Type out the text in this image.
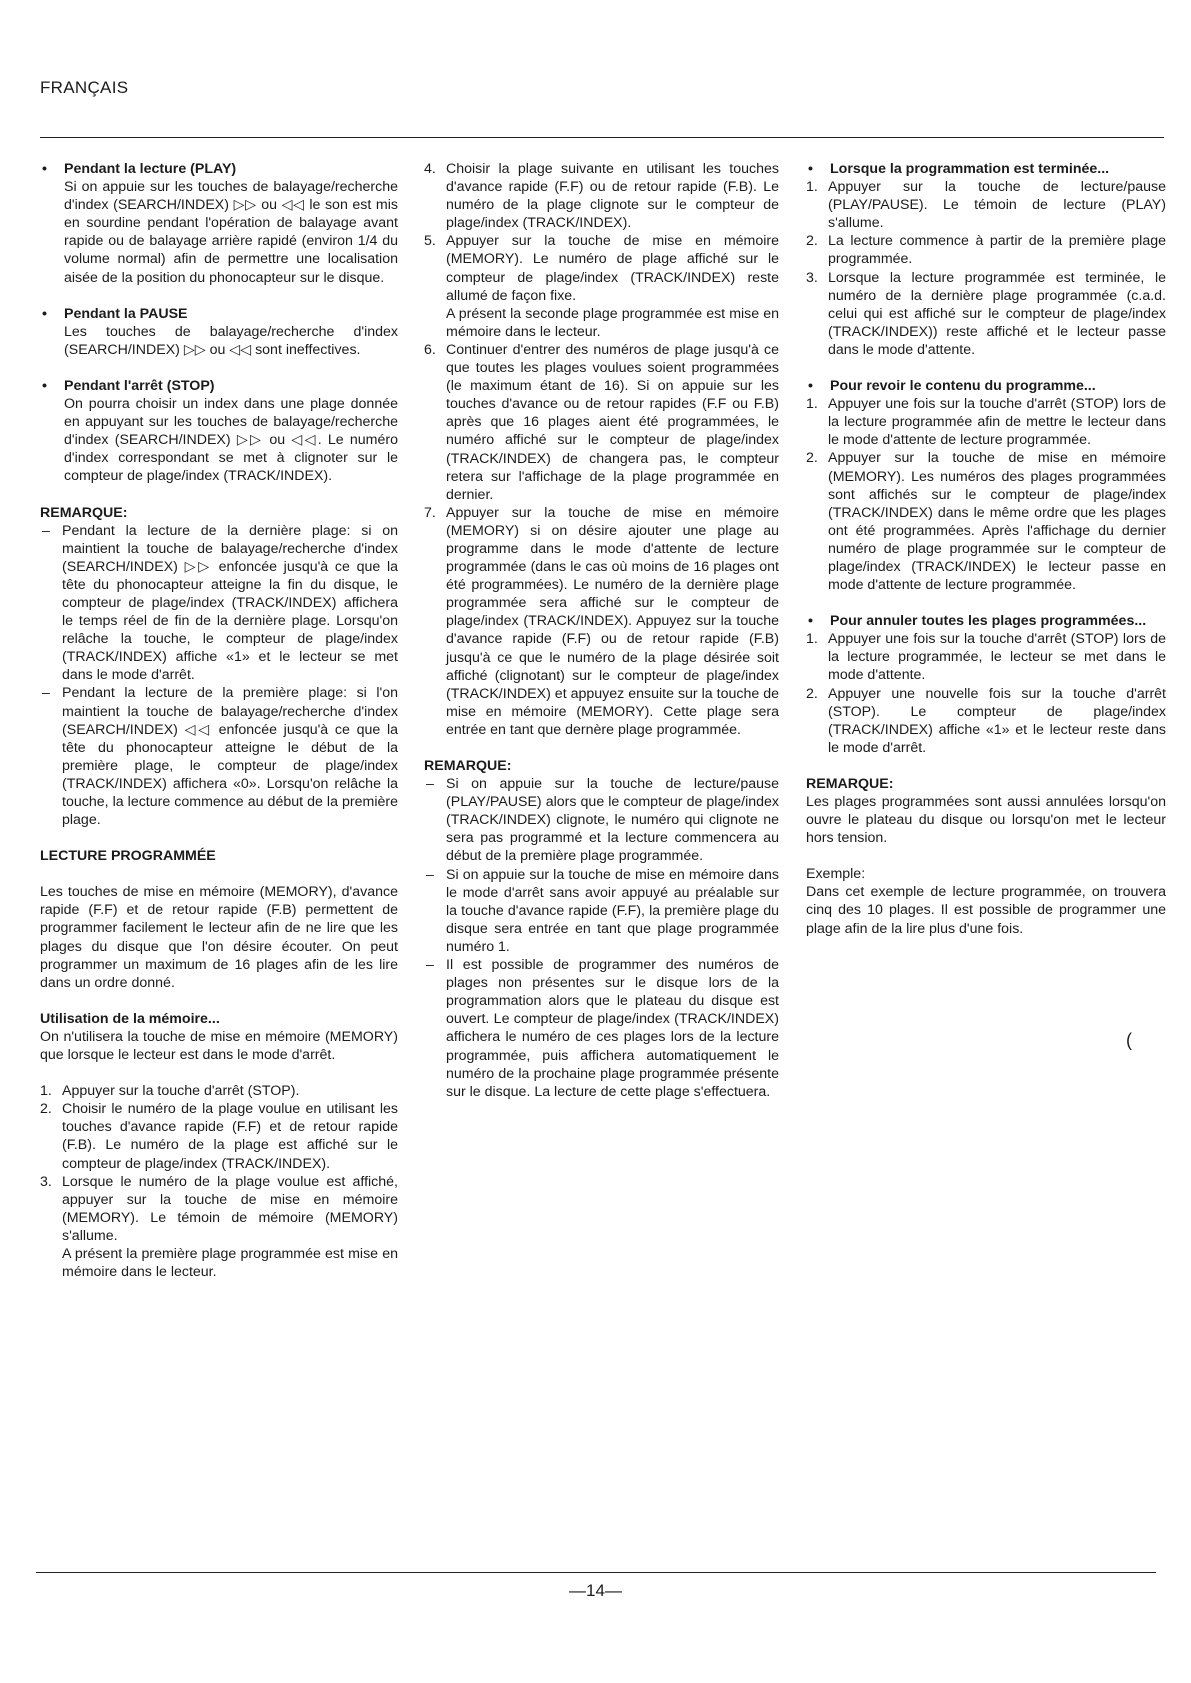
FRANÇAIS
• Pendant la lecture (PLAY)
Si on appuie sur les touches de balayage/recherche d'index (SEARCH/INDEX) ▷▷ ou ◁◁ le son est mis en sourdine pendant l'opération de balayage avant rapide ou de balayage arrière rapidé (environ 1/4 du volume normal) afin de permettre une localisation aisée de la position du phonocapteur sur le disque.
• Pendant la PAUSE
Les touches de balayage/recherche d'index (SEARCH/INDEX) ▷▷ ou ◁◁ sont ineffectives.
• Pendant l'arrêt (STOP)
On pourra choisir un index dans une plage donnée en appuyant sur les touches de balayage/recherche d'index (SEARCH/INDEX) ▷▷ ou ◁◁. Le numéro d'index correspondant se met à clignoter sur le compteur de plage/index (TRACK/INDEX).
REMARQUE:
– Pendant la lecture de la dernière plage: si on maintient la touche de balayage/recherche d'index (SEARCH/INDEX) ▷▷ enfoncée jusqu'à ce que la tête du phonocapteur atteigne la fin du disque, le compteur de plage/index (TRACK/INDEX) affichera le temps réel de fin de la dernière plage. Lorsqu'on relâche la touche, le compteur de plage/index (TRACK/INDEX) affiche «1» et le lecteur se met dans le mode d'arrêt.
– Pendant la lecture de la première plage: si l'on maintient la touche de balayage/recherche d'index (SEARCH/INDEX) ◁◁ enfoncée jusqu'à ce que la tête du phonocapteur atteigne le début de la première plage, le compteur de plage/index (TRACK/INDEX) affichera «0». Lorsqu'on relâche la touche, la lecture commence au début de la première plage.
LECTURE PROGRAMMÉE
Les touches de mise en mémoire (MEMORY), d'avance rapide (F.F) et de retour rapide (F.B) permettent de programmer facilement le lecteur afin de ne lire que les plages du disque que l'on désire écouter. On peut programmer un maximum de 16 plages afin de les lire dans un ordre donné.
Utilisation de la mémoire...
On n'utilisera la touche de mise en mémoire (MEMORY) que lorsque le lecteur est dans le mode d'arrêt.
1. Appuyer sur la touche d'arrêt (STOP).
2. Choisir le numéro de la plage voulue en utilisant les touches d'avance rapide (F.F) et de retour rapide (F.B). Le numéro de la plage est affiché sur le compteur de plage/index (TRACK/INDEX).
3. Lorsque le numéro de la plage voulue est affiché, appuyer sur la touche de mise en mémoire (MEMORY). Le témoin de mémoire (MEMORY) s'allume.
A présent la première plage programmée est mise en mémoire dans le lecteur.
4. Choisir la plage suivante en utilisant les touches d'avance rapide (F.F) ou de retour rapide (F.B). Le numéro de la plage clignote sur le compteur de plage/index (TRACK/INDEX).
5. Appuyer sur la touche de mise en mémoire (MEMORY). Le numéro de plage affiché sur le compteur de plage/index (TRACK/INDEX) reste allumé de façon fixe.
A présent la seconde plage programmée est mise en mémoire dans le lecteur.
6. Continuer d'entrer des numéros de plage jusqu'à ce que toutes les plages voulues soient programmées (le maximum étant de 16). Si on appuie sur les touches d'avance ou de retour rapides (F.F ou F.B) après que 16 plages aient été programmées, le numéro affiché sur le compteur de plage/index (TRACK/INDEX) de changera pas, le compteur retera sur l'affichage de la plage programmée en dernier.
7. Appuyer sur la touche de mise en mémoire (MEMORY) si on désire ajouter une plage au programme dans le mode d'attente de lecture programmée (dans le cas où moins de 16 plages ont été programmées). Le numéro de la dernière plage programmée sera affiché sur le compteur de plage/index (TRACK/INDEX). Appuyez sur la touche d'avance rapide (F.F) ou de retour rapide (F.B) jusqu'à ce que le numéro de la plage désirée soit affiché (clignotant) sur le compteur de plage/index (TRACK/INDEX) et appuyez ensuite sur la touche de mise en mémoire (MEMORY). Cette plage sera entrée en tant que dernère plage programmée.
REMARQUE:
– Si on appuie sur la touche de lecture/pause (PLAY/PAUSE) alors que le compteur de plage/index (TRACK/INDEX) clignote, le numéro qui clignote ne sera pas programmé et la lecture commencera au début de la première plage programmée.
– Si on appuie sur la touche de mise en mémoire dans le mode d'arrêt sans avoir appuyé au préalable sur la touche d'avance rapide (F.F), la première plage du disque sera entrée en tant que plage programmée numéro 1.
– Il est possible de programmer des numéros de plages non présentes sur le disque lors de la programmation alors que le plateau du disque est ouvert. Le compteur de plage/index (TRACK/INDEX) affichera le numéro de ces plages lors de la lecture programmée, puis affichera automatiquement le numéro de la prochaine plage programmée présente sur le disque. La lecture de cette plage s'effectuera.
• Lorsque la programmation est terminée...
1. Appuyer sur la touche de lecture/pause (PLAY/PAUSE). Le témoin de lecture (PLAY) s'allume.
2. La lecture commence à partir de la première plage programmée.
3. Lorsque la lecture programmée est terminée, le numéro de la dernière plage programmée (c.a.d. celui qui est affiché sur le compteur de plage/index (TRACK/INDEX)) reste affiché et le lecteur passe dans le mode d'attente.
• Pour revoir le contenu du programme...
1. Appuyer une fois sur la touche d'arrêt (STOP) lors de la lecture programmée afin de mettre le lecteur dans le mode d'attente de lecture programmée.
2. Appuyer sur la touche de mise en mémoire (MEMORY). Les numéros des plages programmées sont affichés sur le compteur de plage/index (TRACK/INDEX) dans le même ordre que les plages ont été programmées. Après l'affichage du dernier numéro de plage programmée sur le compteur de plage/index (TRACK/INDEX) le lecteur passe en mode d'attente de lecture programmée.
• Pour annuler toutes les plages programmées...
1. Appuyer une fois sur la touche d'arrêt (STOP) lors de la lecture programmée, le lecteur se met dans le mode d'attente.
2. Appuyer une nouvelle fois sur la touche d'arrêt (STOP). Le compteur de plage/index (TRACK/INDEX) affiche «1» et le lecteur reste dans le mode d'arrêt.
REMARQUE:
Les plages programmées sont aussi annulées lorsqu'on ouvre le plateau du disque ou lorsqu'on met le lecteur hors tension.
Exemple:
Dans cet exemple de lecture programmée, on trouvera cinq des 10 plages. Il est possible de programmer une plage afin de la lire plus d'une fois.
(
—14—
